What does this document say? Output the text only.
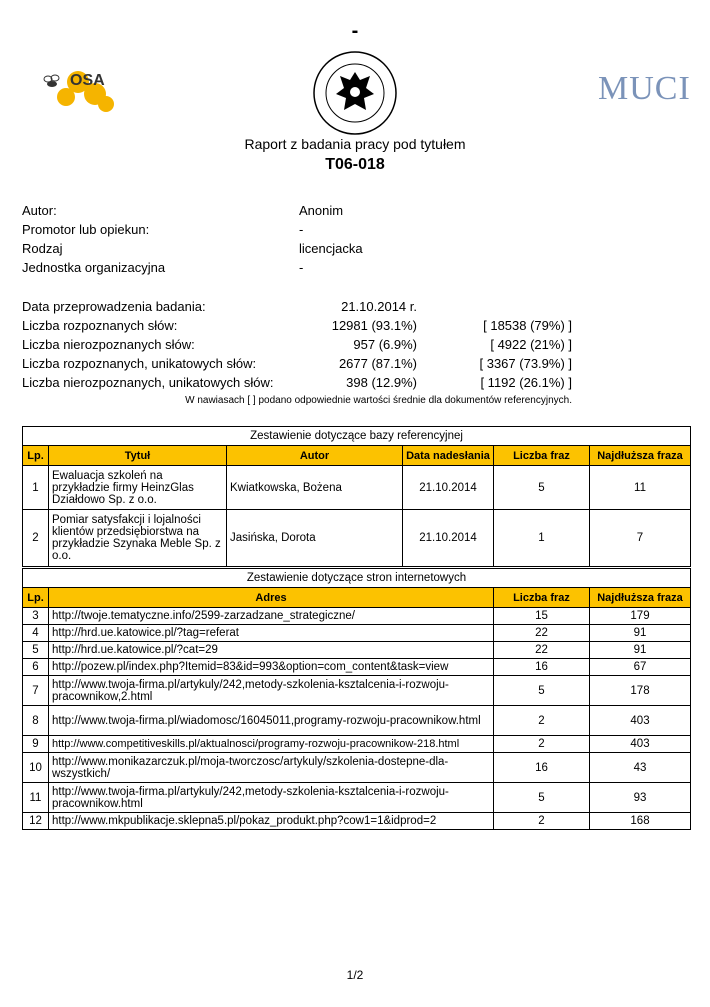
-
OSA	MUCI
Raport z badania pracy pod tytułem
T06-018
Autor:	Anonim
Promotor lub opiekun:	-
Rodzaj	licencjacka
Jednostka organizacyjna	-
Data przeprowadzenia badania:	21.10.2014 r.
Liczba rozpoznanych słów:	12981 (93.1%)	[ 18538 (79%) ]
Liczba nierozpoznanych słów:	957 (6.9%)	[ 4922 (21%) ]
Liczba rozpoznanych, unikatowych słów:	2677 (87.1%)	[ 3367 (73.9%) ]
Liczba nierozpoznanych, unikatowych słów:	398 (12.9%)	[ 1192 (26.1%) ]
W nawiasach [ ] podano odpowiednie wartości średnie dla dokumentów referencyjnych.
Zestawienie dotyczące bazy referencyjnej					
Lp.	Tytuł	Autor	Data nadesłania	Liczba fraz	Najdłuższa fraza
1	Ewaluacja szkoleń na przykładzie firmy HeinzGlas Działdowo Sp. z o.o.	Kwiatkowska, Bożena	21.10.2014	5	11
2	Pomiar satysfakcji i lojalności klientów przedsiębiorstwa na przykładzie Szynaka Meble Sp. z o.o.	Jasińska, Dorota	21.10.2014	1	7
Zestawienie dotyczące stron internetowych			
Lp.	Adres	Liczba fraz	Najdłuższa fraza
3	http://twoje.tematyczne.info/2599-zarzadzane_strategiczne/	15	179
4	http://hrd.ue.katowice.pl/?tag=referat	22	91
5	http://hrd.ue.katowice.pl/?cat=29	22	91
6	http://pozew.pl/index.php?Itemid=83&id=993&option=com_content&task=view	16	67
7	http://www.twoja-firma.pl/artykuly/242,metody-szkolenia-ksztalcenia-i-rozwoju-pracownikow,2.html	5	178
8	http://www.twoja-firma.pl/wiadomosc/16045011,programy-rozwoju-pracownikow.html	2	403
9	http://www.competitiveskills.pl/aktualnosci/programy-rozwoju-pracownikow-218.html	2	403
10	http://www.monikazarczuk.pl/moja-tworczosc/artykuly/szkolenia-dostepne-dla-wszystkich/	16	43
11	http://www.twoja-firma.pl/artykuly/242,metody-szkolenia-ksztalcenia-i-rozwoju-pracownikow.html	5	93
12	http://www.mkpublikacje.sklepna5.pl/pokaz_produkt.php?cow1=1&idprod=2	2	168
1/2
